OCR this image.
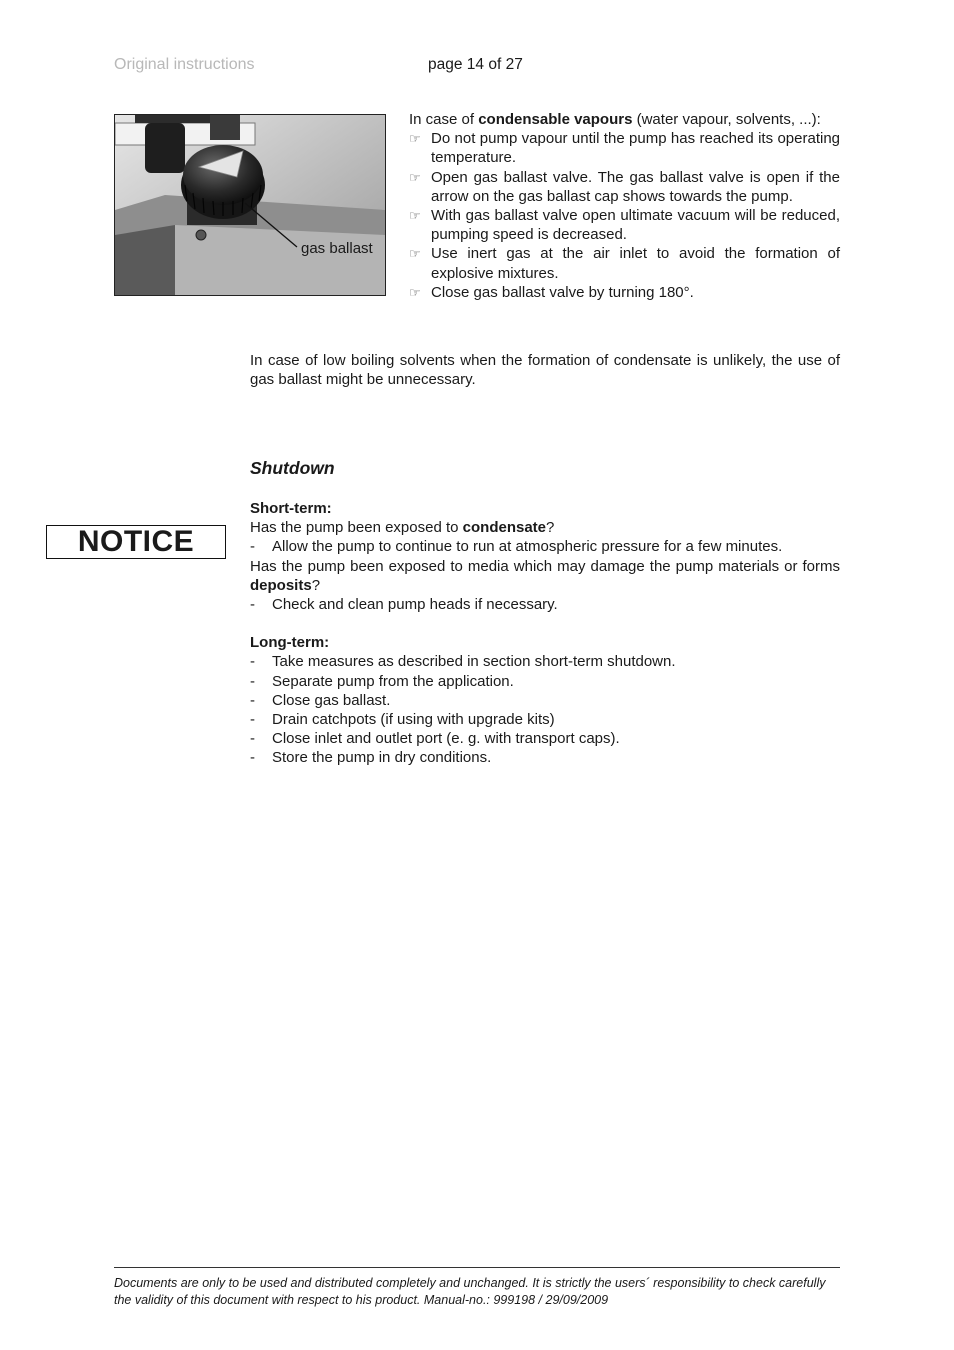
Original instructions	page 14 of 27
gas ballast
In case of condensable vapours (water vapour, solvents, ...):
☞ Do not pump vapour until the pump has reached its operating temperature.
☞ Open gas ballast valve. The gas ballast valve is open if the arrow on the gas ballast cap shows towards the pump.
☞ With gas ballast valve open ultimate vacuum will be reduced, pumping speed is decreased.
☞ Use inert gas at the air inlet to avoid the formation of explosive mixtures.
☞ Close gas ballast valve by turning 180°.
In case of low boiling solvents when the formation of condensate is unlikely, the use of gas ballast might be unnecessary.
Shutdown
NOTICE
Short-term:
Has the pump been exposed to condensate?
- Allow the pump to continue to run at atmospheric pressure for a few minutes.
Has the pump been exposed to media which may damage the pump materials or forms deposits?
- Check and clean pump heads if necessary.
Long-term:
- Take measures as described in section short-term shutdown.
- Separate pump from the application.
- Close gas ballast.
- Drain catchpots (if using with upgrade kits)
- Close inlet and outlet port (e. g. with transport caps).
- Store the pump in dry conditions.
Documents are only to be used and distributed completely and unchanged. It is strictly the users´ responsibility to check carefully
the validity of this document with respect to his product. Manual-no.: 999198 / 29/09/2009
